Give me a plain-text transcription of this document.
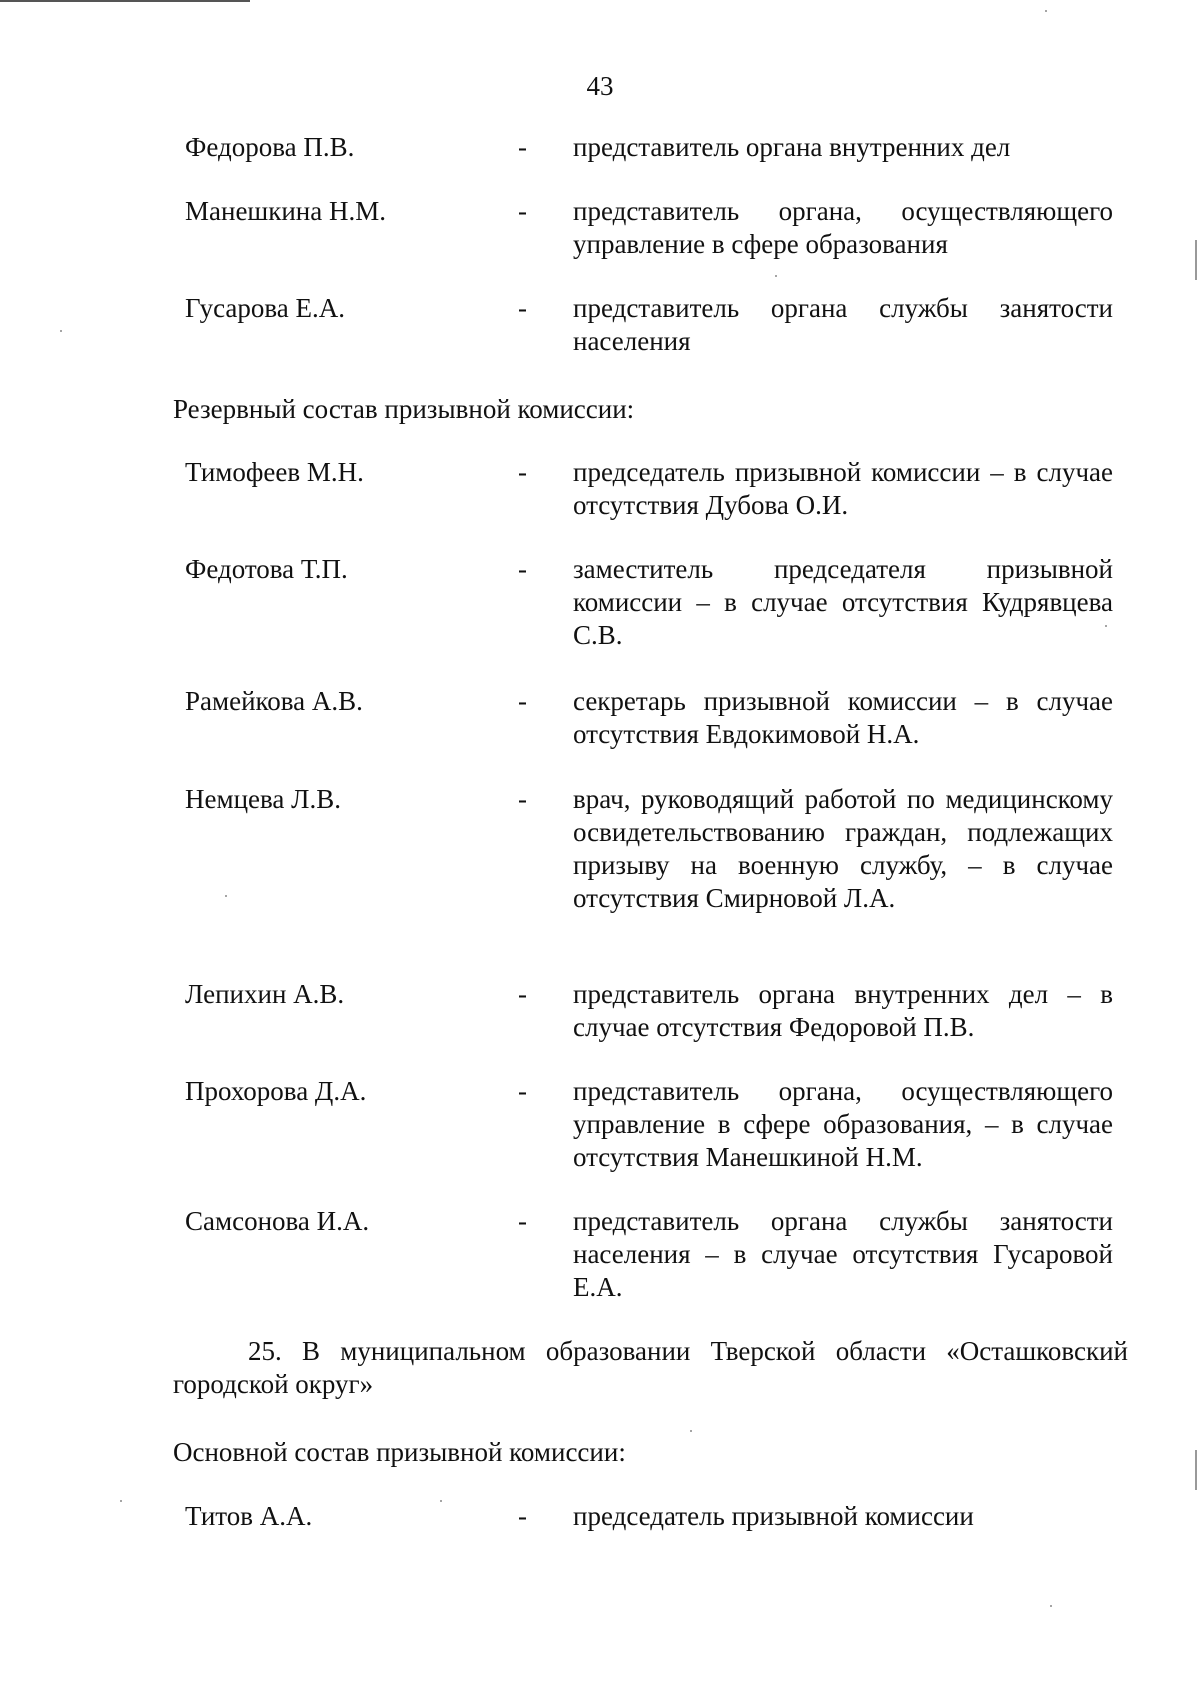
43
Федорова П.В.	- представитель органа внутренних дел
Манешкина Н.М.	- представитель органа, осуществляющего управление в сфере образования
Гусарова Е.А.	- представитель органа службы занятости населения
Резервный состав призывной комиссии:
Тимофеев М.Н.	- председатель призывной комиссии – в случае отсутствия Дубова О.И.
Федотова Т.П.	- заместитель председателя призывной комиссии – в случае отсутствия Кудрявцева С.В.
Рамейкова А.В.	- секретарь призывной комиссии – в случае отсутствия Евдокимовой Н.А.
Немцева Л.В.	- врач, руководящий работой по медицинскому освидетельствованию граждан, подлежащих призыву на военную службу, – в случае отсутствия Смирновой Л.А.
Лепихин А.В.	- представитель органа внутренних дел – в случае отсутствия Федоровой П.В.
Прохорова Д.А.	- представитель органа, осуществляющего управление в сфере образования, – в случае отсутствия Манешкиной Н.М.
Самсонова И.А.	- представитель органа службы занятости населения – в случае отсутствия Гусаровой Е.А.
25. В муниципальном образовании Тверской области «Осташковский городской округ»
Основной состав призывной комиссии:
Титов А.А.	- председатель призывной комиссии
